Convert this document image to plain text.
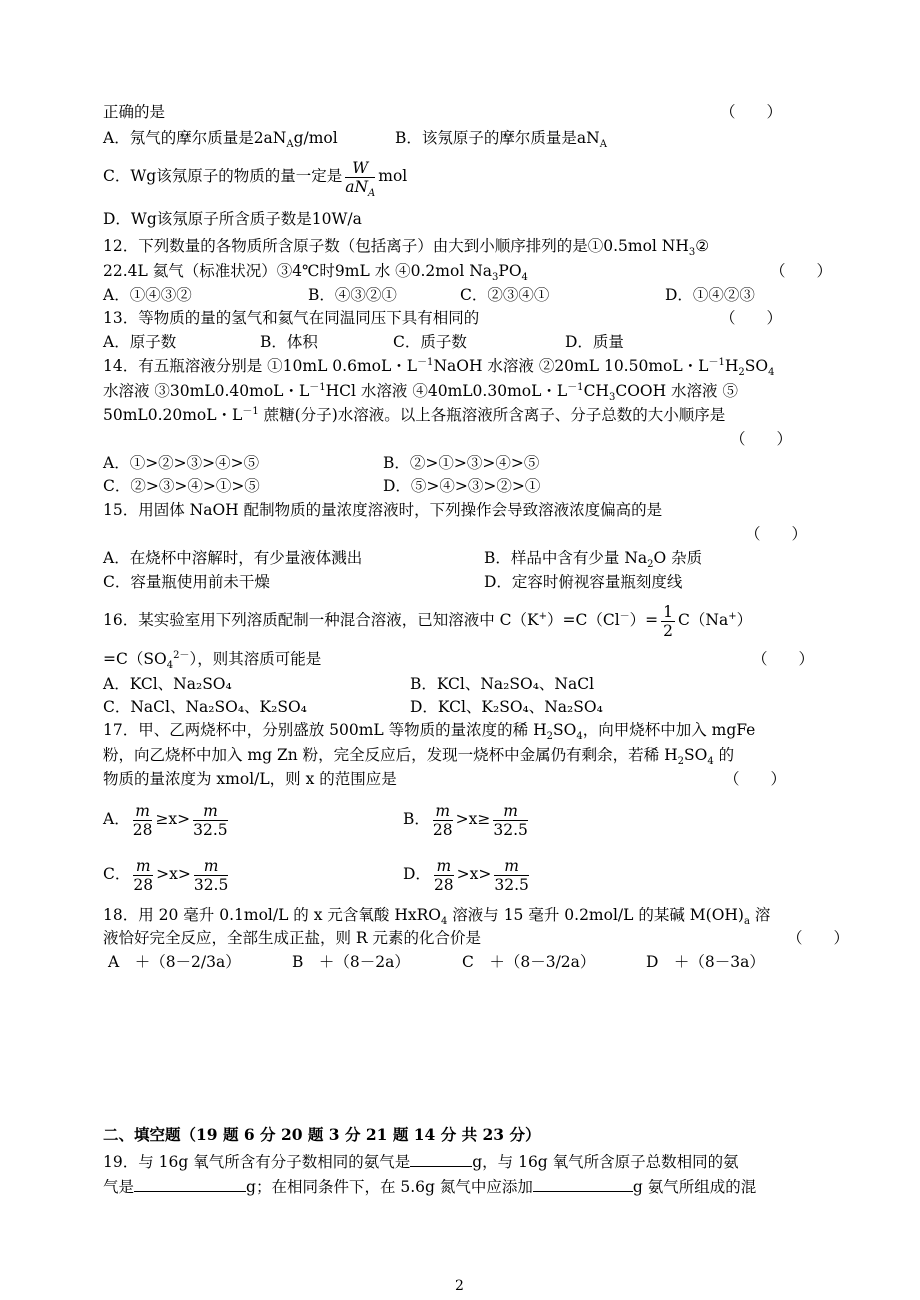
正确的是	（　　）
A．氖气的摩尔质量是$2aN_Ag$/mol	B．该氖原子的摩尔质量是$aN_A$
C．Wg该氖原子的物质的量一定是 $\frac{W}{aN_A}$ mol
D．Wg该氖原子所含质子数是10W/a
12．下列数量的各物质所含原子数（包括离子）由大到小顺序排列的是①0.5mol $NH_3②$
22.4L 氦气（标准状况）③4℃时9mL 水 ④0.2mol $Na_3PO_4$	（　　）
A．①④③②	B．④③②①	C．②③④①	D．①④②③
13．等物质的量的氢气和氦气在同温同压下具有相同的	（　　）
A．原子数	B．体积	C．质子数	D．质量
14．有五瓶溶液分别是 ①10mL 0.6moL・$L^{-1}NaOH$ 水溶液 ②20mL 10.50moL・$L^{-1}H_2SO_4$
水溶液 ③30mL0.40moL・$L^{-1}HCl$ 水溶液 ④40mL0.30moL・$L^{-1}CH_3COOH$ 水溶液 ⑤
50mL0.20moL・$L^{-1}$ 蔗糖(分子)水溶液。以上各瓶溶液所含离子、分子总数的大小顺序是
（　　）
A．①>②>③>④>⑤	B．②>①>③>④>⑤
C．②>③>④>①>⑤	D．⑤>④>③>②>①
15．用固体 NaOH 配制物质的量浓度溶液时，下列操作会导致溶液浓度偏高的是
（　　）
A．在烧杯中溶解时，有少量液体溅出	B．样品中含有少量 $Na_2O$ 杂质
C．容量瓶使用前未干燥	D．定容时俯视容量瓶刻度线
16．某实验室用下列溶质配制一种混合溶液，已知溶液中 $C(K^+)=C(Cl^-)= \frac{1}{2} C(Na^+)$
$=C(SO_4^{2-})$，则其溶质可能是	（　　）
A．KCl、Na₂SO₄	B．KCl、Na₂SO₄、NaCl
C．NaCl、Na₂SO₄、K₂SO₄	D．KCl、K₂SO₄、Na₂SO₄
17．甲、乙两烧杯中，分别盛放 500mL 等物质的量浓度的稀 $H_2SO_4$，向甲烧杯中加入 mgFe
粉，向乙烧杯中加入 mg Zn 粉，完全反应后，发现一烧杯中金属仍有剩余，若稀 $H_2SO_4$ 的
物质的量浓度为 xmol/L，则 x 的范围应是	（　　）
A． $\frac{m}{28} \ge x> \frac{m}{32.5}$	B． $\frac{m}{28} >x\ge \frac{m}{32.5}$
C． $\frac{m}{28} >x> \frac{m}{32.5}$	D． $\frac{m}{28} >x> \frac{m}{32.5}$
18．用 20 毫升 0.1mol/L 的 x 元含氧酸 HxRO$_4$ 溶液与 15 毫升 0.2mol/L 的某碱 $M(OH)_a$ 溶
液恰好完全反应，全部生成正盐，则 R 元素的化合价是	（　　）
A　＋（8－2/3a）	B　＋（8－2a）	C　＋（8－3/2a）	D　＋（8－3a）
二、填空题（19 题 6 分 20 题 3 分 21 题 14 分 共 23 分）
19．与 16g 氧气所含有分子数相同的氨气是	g，与 16g 氧气所含原子总数相同的氨
气是	g；在相同条件下，在 5.6g 氮气中应添加	g 氨气所组成的混
2
